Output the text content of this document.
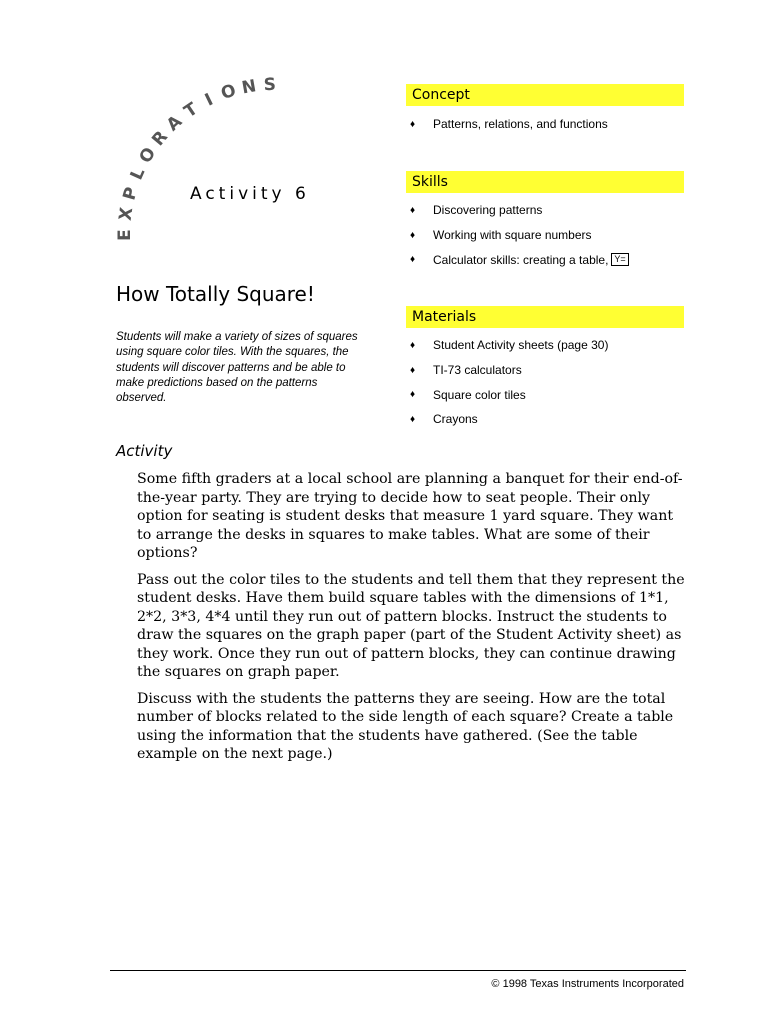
E
X
P
L
O
R
A
T I O N S
Activity 6
How Totally Square!
Students will make a variety of sizes of squares using square color tiles. With the squares, the students will discover patterns and be able to make predictions based on the patterns observed.
Concept
♦	Patterns, relations, and functions
Skills
♦	Discovering patterns
♦	Working with square numbers
♦	Calculator skills: creating a table, Y=
Materials
♦	Student Activity sheets (page 30)
♦	TI-73 calculators
♦	Square color tiles
♦	Crayons
Activity

Some fifth graders at a local school are planning a banquet for their end-of-the-year party. They are trying to decide how to seat people. Their only option for seating is student desks that measure 1 yard square. They want to arrange the desks in squares to make tables. What are some of their options?

Pass out the color tiles to the students and tell them that they represent the student desks. Have them build square tables with the dimensions of 1*1, 2*2, 3*3, 4*4 until they run out of pattern blocks. Instruct the students to draw the squares on the graph paper (part of the Student Activity sheet) as they work. Once they run out of pattern blocks, they can continue drawing the squares on graph paper.

Discuss with the students the patterns they are seeing. How are the total number of blocks related to the side length of each square? Create a table using the information that the students have gathered. (See the table example on the next page.)

© 1998 Texas Instruments Incorporated
